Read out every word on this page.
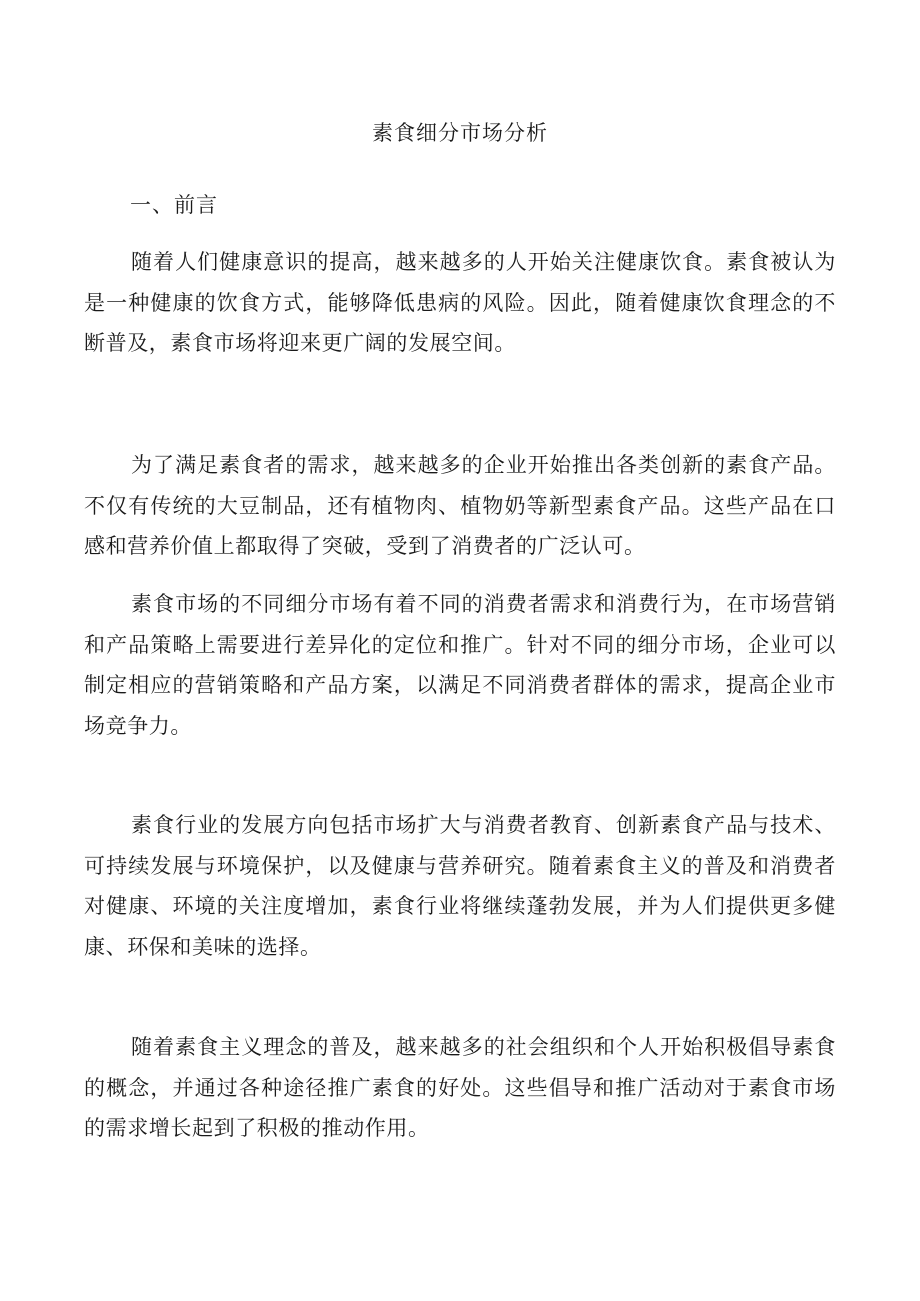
素食细分市场分析
一、前言

随着人们健康意识的提高，越来越多的人开始关注健康饮食。素食被认为是一种健康的饮食方式，能够降低患病的风险。因此，随着健康饮食理念的不断普及，素食市场将迎来更广阔的发展空间。

为了满足素食者的需求，越来越多的企业开始推出各类创新的素食产品。不仅有传统的大豆制品，还有植物肉、植物奶等新型素食产品。这些产品在口感和营养价值上都取得了突破，受到了消费者的广泛认可。

素食市场的不同细分市场有着不同的消费者需求和消费行为，在市场营销和产品策略上需要进行差异化的定位和推广。针对不同的细分市场，企业可以制定相应的营销策略和产品方案，以满足不同消费者群体的需求，提高企业市场竞争力。

素食行业的发展方向包括市场扩大与消费者教育、创新素食产品与技术、可持续发展与环境保护，以及健康与营养研究。随着素食主义的普及和消费者对健康、环境的关注度增加，素食行业将继续蓬勃发展，并为人们提供更多健康、环保和美味的选择。

随着素食主义理念的普及，越来越多的社会组织和个人开始积极倡导素食的概念，并通过各种途径推广素食的好处。这些倡导和推广活动对于素食市场的需求增长起到了积极的推动作用。
